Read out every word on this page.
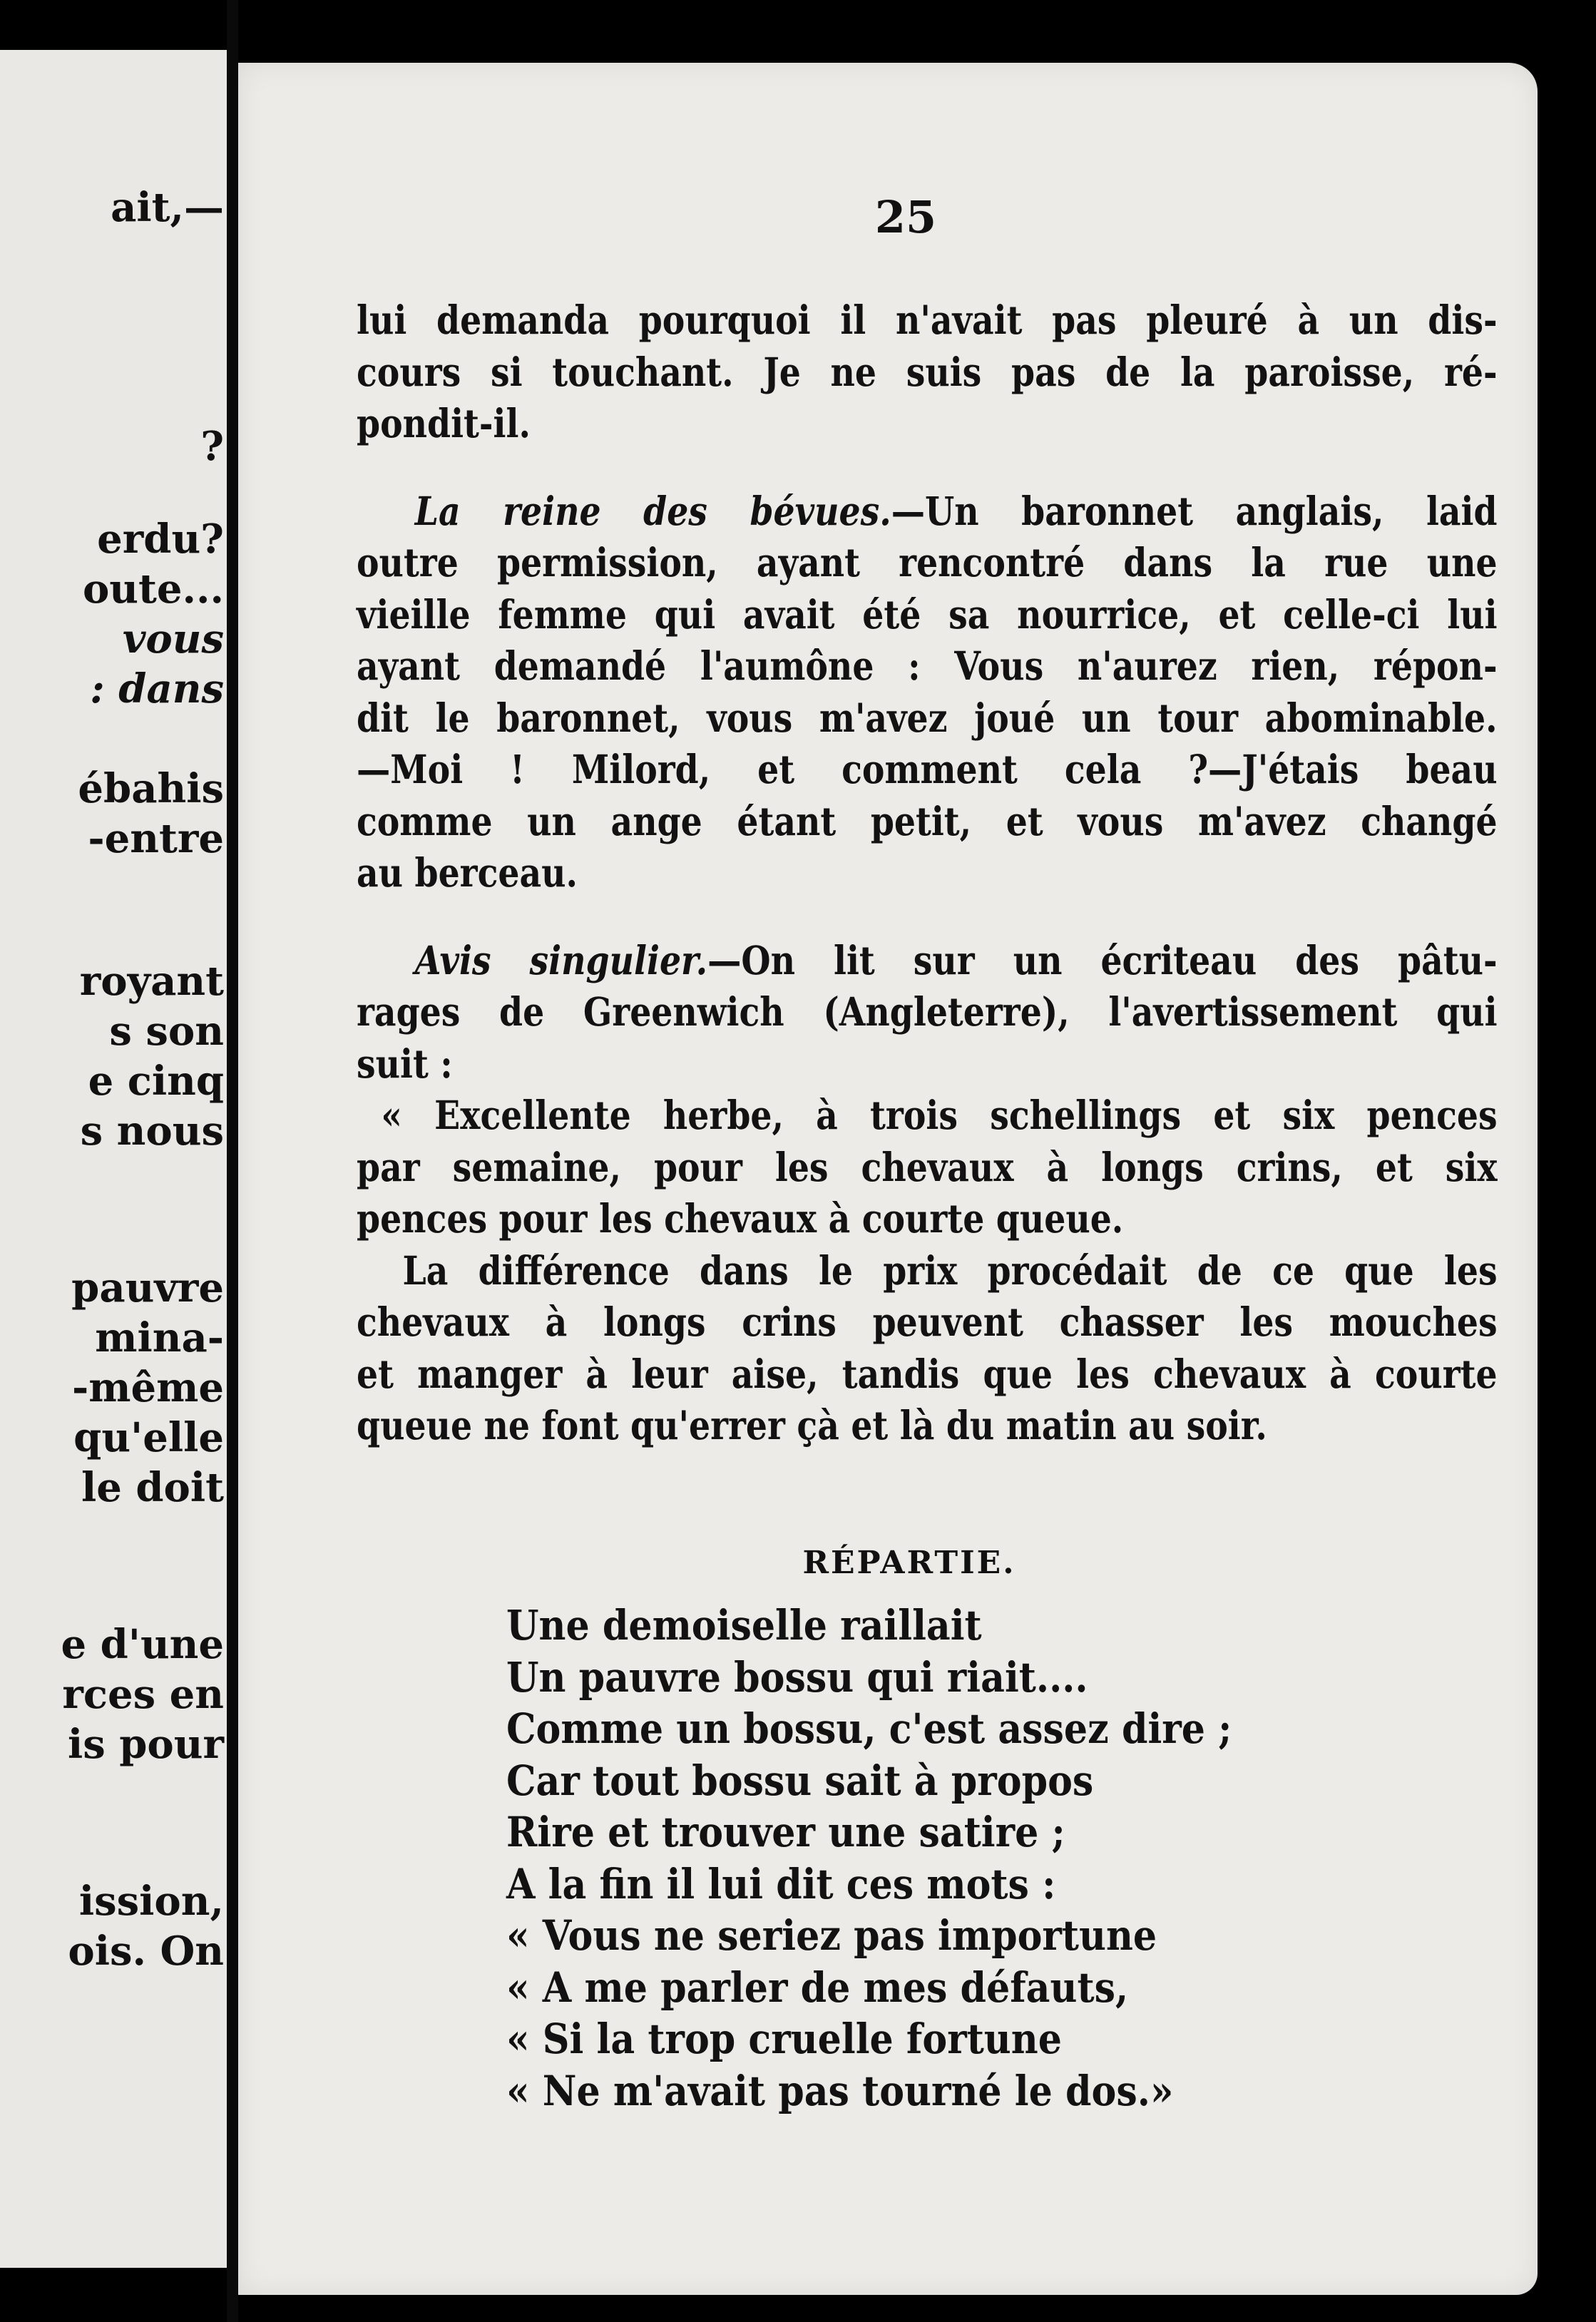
ait,—
?
erdu?
oute...
vous
: dans
ébahis
-entre
royant
s son
e cinq
s nous
pauvre
mina-
-même
qu'elle
le doit
e d'une
rces en
is pour
ission,
ois. On
25
lui demanda pourquoi il n'avait pas pleuré à un dis-
cours si touchant. Je ne suis pas de la paroisse, ré-
pondit-il.
La reine des bévues.—Un baronnet anglais, laid
outre permission, ayant rencontré dans la rue une
vieille femme qui avait été sa nourrice, et celle-ci lui
ayant demandé l'aumône : Vous n'aurez rien, répon-
dit le baronnet, vous m'avez joué un tour abominable.
—Moi ! Milord, et comment cela ?—J'étais beau
comme un ange étant petit, et vous m'avez changé
au berceau.
Avis singulier.—On lit sur un écriteau des pâtu-
rages de Greenwich (Angleterre), l'avertissement qui
suit :
« Excellente herbe, à trois schellings et six pences
par semaine, pour les chevaux à longs crins, et six
pences pour les chevaux à courte queue.
La différence dans le prix procédait de ce que les
chevaux à longs crins peuvent chasser les mouches
et manger à leur aise, tandis que les chevaux à courte
queue ne font qu'errer çà et là du matin au soir.
RÉPARTIE.
Une demoiselle raillait
Un pauvre bossu qui riait....
Comme un bossu, c'est assez dire ;
Car tout bossu sait à propos
Rire et trouver une satire ;
A la fin il lui dit ces mots :
« Vous ne seriez pas importune
« A me parler de mes défauts,
« Si la trop cruelle fortune
« Ne m'avait pas tourné le dos.»
